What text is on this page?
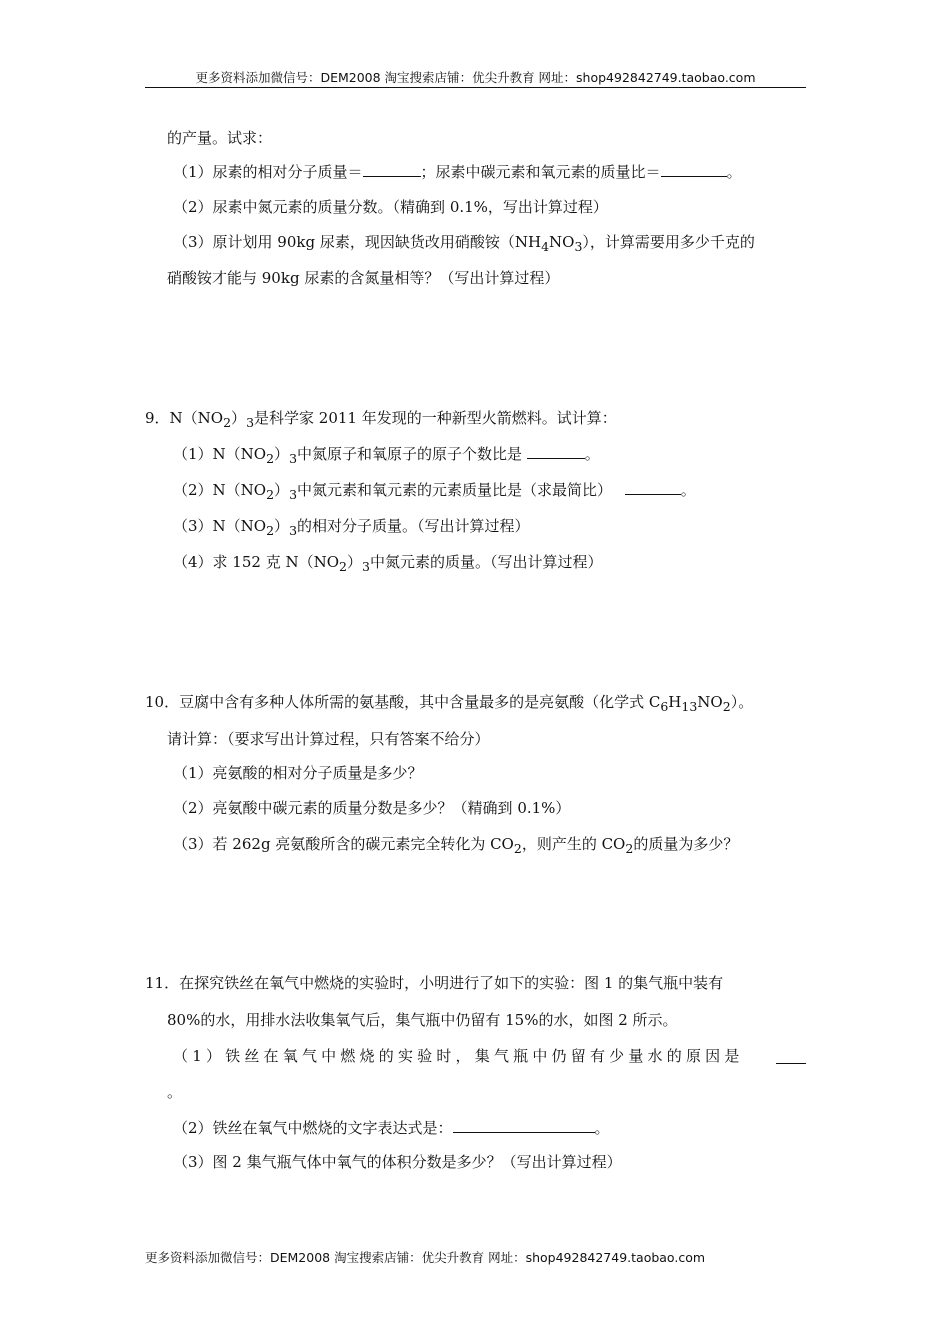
更多资料添加微信号：DEM2008 淘宝搜索店铺：优尖升教育 网址：shop492842749.taobao.com
的产量。试求：
（1）尿素的相对分子质量＝	；尿素中碳元素和氧元素的质量比＝	。
（2）尿素中氮元素的质量分数。（精确到 0.1%，写出计算过程）
（3）原计划用 90kg 尿素，现因缺货改用硝酸铵$(NH_4NO_3)$，计算需要用多少千克的
硝酸铵才能与 90kg 尿素的含氮量相等？（写出计算过程）
9．$N(NO_2)_3$是科学家 2011 年发现的一种新型火箭燃料。试计算：
$(1)N(NO_2)_3$中氮原子和氧原子的原子个数比是	。
$(2)N(NO_2)_3$中氮元素和氧元素的元素质量比是（求最简比）	。
$(3)N(NO_2)_3$的相对分子质量。（写出计算过程）
（4）求 152 克 $N(NO_2)_3$中氮元素的质量。（写出计算过程）
10．豆腐中含有多种人体所需的氨基酸，其中含量最多的是亮氨酸（化学式 $C_6H_{13}NO_2$）。
请计算：（要求写出计算过程，只有答案不给分）
（1）亮氨酸的相对分子质量是多少？
（2）亮氨酸中碳元素的质量分数是多少？（精确到 0.1%）
（3）若 262g 亮氨酸所含的碳元素完全转化为 $CO_2$，则产生的 $CO_2$的质量为多少？
11．在探究铁丝在氧气中燃烧的实验时，小明进行了如下的实验：图 1 的集气瓶中装有
80%的水，用排水法收集氧气后，集气瓶中仍留有 15%的水，如图 2 所示。
（1）铁丝在氧气中燃烧的实验时，集气瓶中仍留有少量水的原因是
。
（2）铁丝在氧气中燃烧的文字表达式是：	。
（3）图 2 集气瓶气体中氧气的体积分数是多少？（写出计算过程）
更多资料添加微信号：DEM2008 淘宝搜索店铺：优尖升教育 网址：shop492842749.taobao.com
